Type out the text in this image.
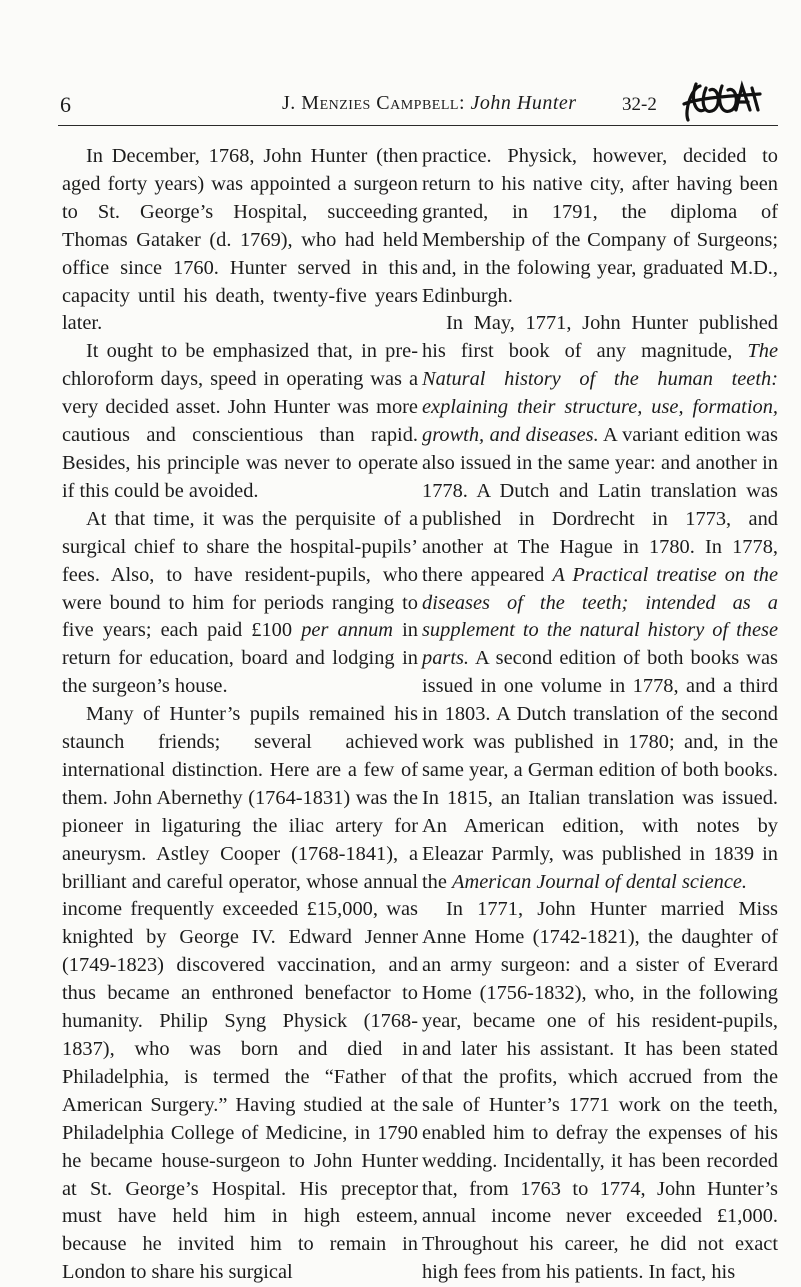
6	J. Menzies Campbell: John Hunter 32-2

In December, 1768, John Hunter (then aged forty years) was appointed a surgeon to St. George’s Hospital, succeeding Thomas Gataker (d. 1769), who had held office since 1760. Hunter served in this capacity until his death, twenty-five years later.

It ought to be emphasized that, in pre-chloroform days, speed in operating was a very decided asset. John Hunter was more cautious and conscientious than rapid. Besides, his principle was never to operate if this could be avoided.

At that time, it was the perquisite of a surgical chief to share the hospital-pupils’ fees. Also, to have resident-pupils, who were bound to him for periods ranging to five years; each paid £100 per annum in return for education, board and lodging in the surgeon’s house.

Many of Hunter’s pupils remained his staunch friends; several achieved international distinction. Here are a few of them. John Abernethy (1764-1831) was the pioneer in ligaturing the iliac artery for aneurysm. Astley Cooper (1768-1841), a brilliant and careful operator, whose annual income frequently exceeded £15,000, was knighted by George IV. Edward Jenner (1749-1823) discovered vaccination, and thus became an enthroned benefactor to humanity. Philip Syng Physick (1768-1837), who was born and died in Philadelphia, is termed the “Father of American Surgery.” Having studied at the Philadelphia College of Medicine, in 1790 he became house-surgeon to John Hunter at St. George’s Hospital. His preceptor must have held him in high esteem, because he invited him to remain in London to share his surgical

practice. Physick, however, decided to return to his native city, after having been granted, in 1791, the diploma of Membership of the Company of Surgeons; and, in the folowing year, graduated M.D., Edinburgh.

In May, 1771, John Hunter published his first book of any magnitude, The Natural history of the human teeth: explaining their structure, use, formation, growth, and diseases. A variant edition was also issued in the same year: and another in 1778. A Dutch and Latin translation was published in Dordrecht in 1773, and another at The Hague in 1780. In 1778, there appeared A Practical treatise on the diseases of the teeth; intended as a supplement to the natural history of these parts. A second edition of both books was issued in one volume in 1778, and a third in 1803. A Dutch translation of the second work was published in 1780; and, in the same year, a German edition of both books. In 1815, an Italian translation was issued. An American edition, with notes by Eleazar Parmly, was published in 1839 in the American Journal of dental science.

In 1771, John Hunter married Miss Anne Home (1742-1821), the daughter of an army surgeon: and a sister of Everard Home (1756-1832), who, in the following year, became one of his resident-pupils, and later his assistant. It has been stated that the profits, which accrued from the sale of Hunter’s 1771 work on the teeth, enabled him to defray the expenses of his wedding. Incidentally, it has been recorded that, from 1763 to 1774, John Hunter’s annual income never exceeded £1,000. Throughout his career, he did not exact high fees from his patients. In fact, his
